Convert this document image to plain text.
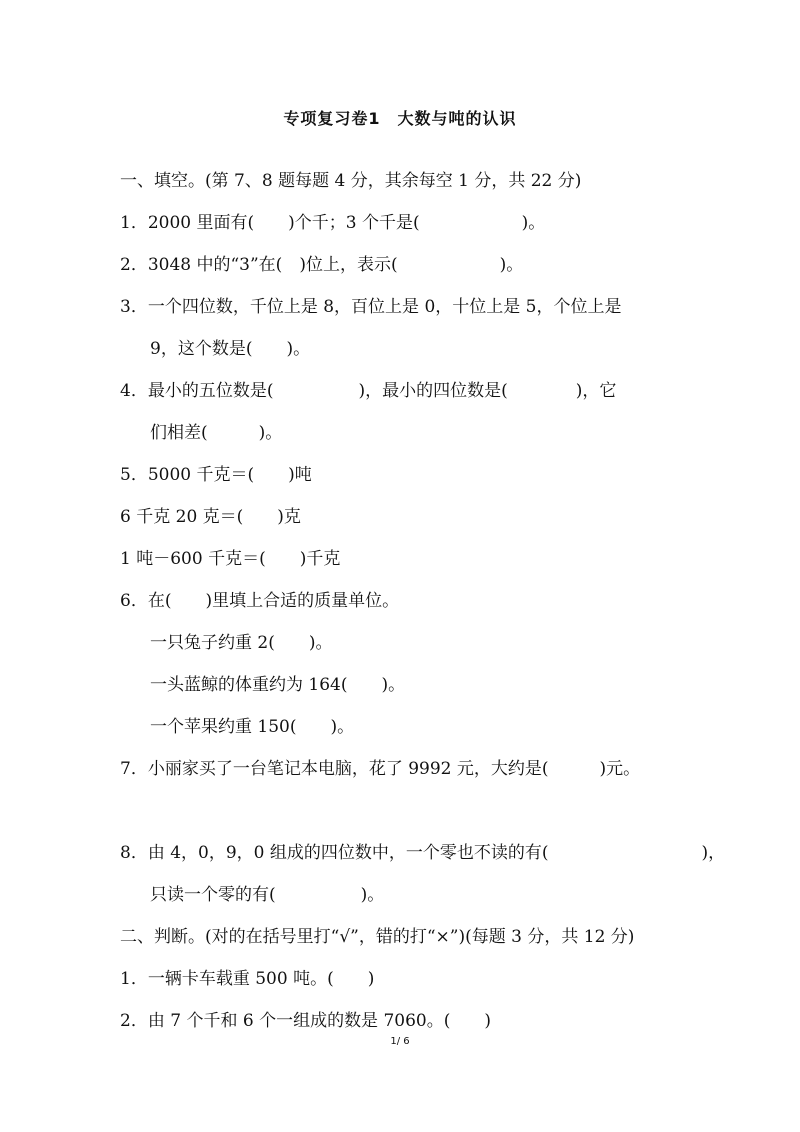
专项复习卷1　大数与吨的认识
一、填空。(第 7、8 题每题 4 分，其余每空 1 分，共 22 分)
1．2000 里面有(　　)个千；3 个千是(　　　　　　)。
2．3048 中的“3”在(　)位上，表示(　　　　　　)。
3．一个四位数，千位上是 8，百位上是 0，十位上是 5，个位上是
9，这个数是(　　)。
4．最小的五位数是(　　　　　)，最小的四位数是(　　　　)，它
们相差(　　　)。
5．5000 千克＝(　　)吨
6 千克 20 克＝(　　)克
1 吨－600 千克＝(　　)千克
6．在(　　)里填上合适的质量单位。
一只兔子约重 2(　　)。
一头蓝鲸的体重约为 164(　　)。
一个苹果约重 150(　　)。
7．小丽家买了一台笔记本电脑，花了 9992 元，大约是(　　　)元。
8．由 4，0，9，0 组成的四位数中，一个零也不读的有(　　　　　　　　　)，
只读一个零的有(　　　　　)。
二、判断。(对的在括号里打“√”，错的打“×”)(每题 3 分，共 12 分)
1．一辆卡车载重 500 吨。(　　)
2．由 7 个千和 6 个一组成的数是 7060。(　　)
1/ 6
